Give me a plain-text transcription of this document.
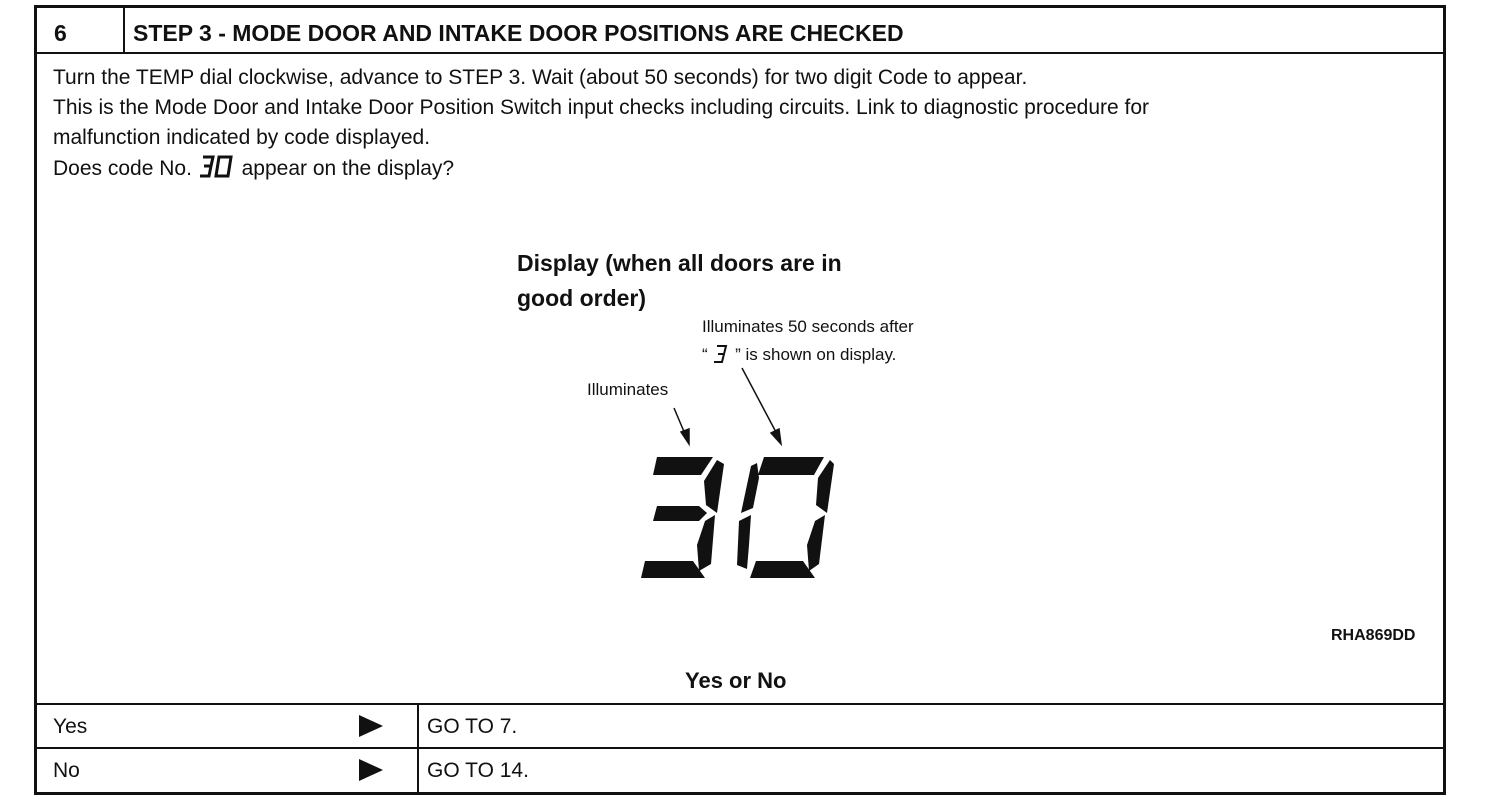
6	STEP 3 - MODE DOOR AND INTAKE DOOR POSITIONS ARE CHECKED
Turn the TEMP dial clockwise, advance to STEP 3. Wait (about 50 seconds) for two digit Code to appear.
This is the Mode Door and Intake Door Position Switch input checks including circuits. Link to diagnostic procedure for
malfunction indicated by code displayed.
Does code No. appear on the display?
Display (when all doors are in good order)
Illuminates 50 seconds after
“ ” is shown on display.
Illuminates
RHA869DD
Yes or No
Yes	GO TO 7.
No	GO TO 14.
